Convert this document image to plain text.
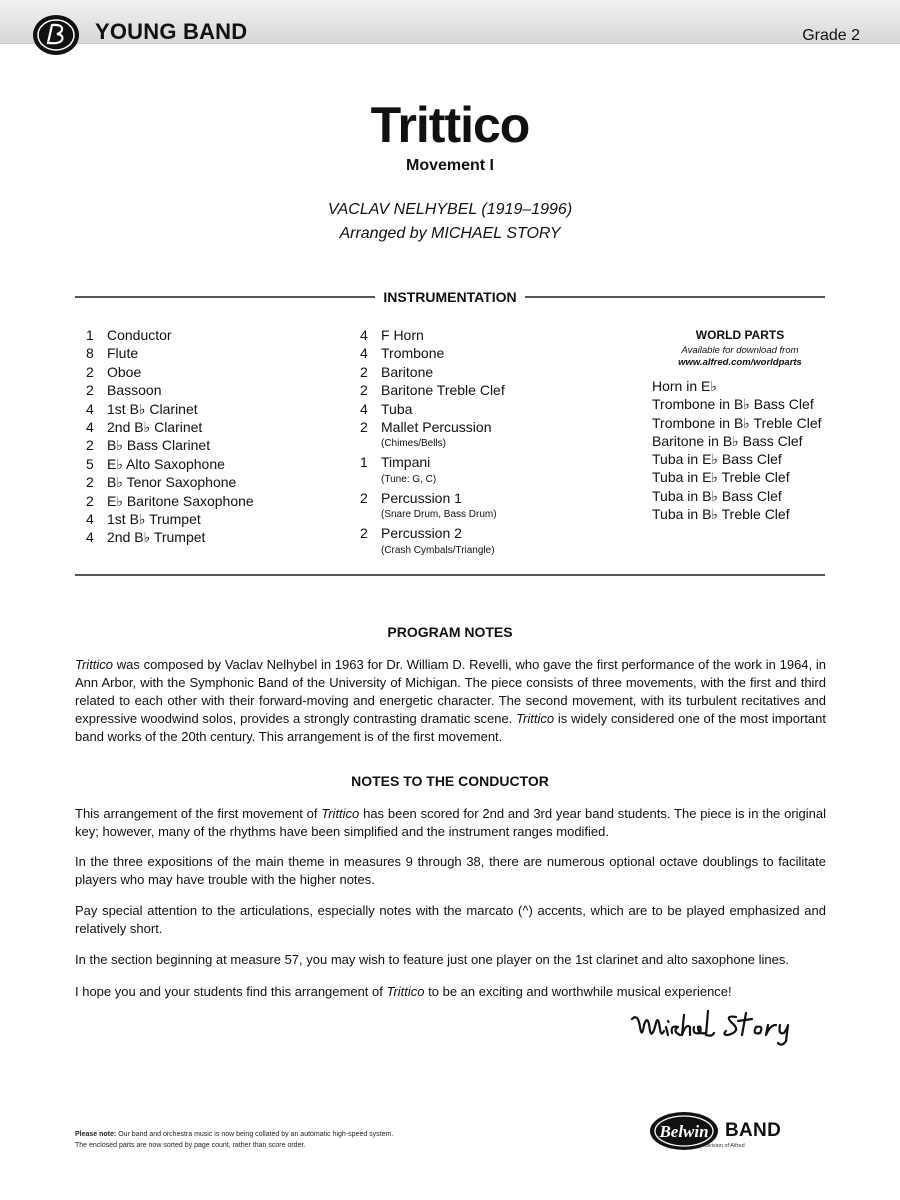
YOUNG BAND	Grade 2
Trittico
Movement I
VACLAV NELHYBEL (1919–1996)
Arranged by MICHAEL STORY
INSTRUMENTATION
1 Conductor
8 Flute
2 Oboe
2 Bassoon
4 1st B♭ Clarinet
4 2nd B♭ Clarinet
2 B♭ Bass Clarinet
5 E♭ Alto Saxophone
2 B♭ Tenor Saxophone
2 E♭ Baritone Saxophone
4 1st B♭ Trumpet
4 2nd B♭ Trumpet
4 F Horn
4 Trombone
2 Baritone
2 Baritone Treble Clef
4 Tuba
2 Mallet Percussion
(Chimes/Bells)
1 Timpani
(Tune: G, C)
2 Percussion 1
(Snare Drum, Bass Drum)
2 Percussion 2
(Crash Cymbals/Triangle)
WORLD PARTS
Available for download from
www.alfred.com/worldparts
Horn in E♭
Trombone in B♭ Bass Clef
Trombone in B♭ Treble Clef
Baritone in B♭ Bass Clef
Tuba in E♭ Bass Clef
Tuba in E♭ Treble Clef
Tuba in B♭ Bass Clef
Tuba in B♭ Treble Clef
PROGRAM NOTES
Trittico was composed by Vaclav Nelhybel in 1963 for Dr. William D. Revelli, who gave the first performance of the work in 1964, in Ann Arbor, with the Symphonic Band of the University of Michigan. The piece consists of three movements, with the first and third related to each other with their forward-moving and energetic character. The second movement, with its turbulent recitatives and expressive woodwind solos, provides a strongly contrasting dramatic scene. Trittico is widely considered one of the most important band works of the 20th century. This arrangement is of the first movement.
NOTES TO THE CONDUCTOR
This arrangement of the first movement of Trittico has been scored for 2nd and 3rd year band students. The piece is in the original key; however, many of the rhythms have been simplified and the instrument ranges modified.
In the three expositions of the main theme in measures 9 through 38, there are numerous optional octave doublings to facilitate players who may have trouble with the higher notes.
Pay special attention to the articulations, especially notes with the marcato (^) accents, which are to be played emphasized and relatively short.
In the section beginning at measure 57, you may wish to feature just one player on the 1st clarinet and alto saxophone lines.
I hope you and your students find this arrangement of Trittico to be an exciting and worthwhile musical experience!
Please note: Our band and orchestra music is now being collated by an automatic high-speed system.
The enclosed parts are now sorted by page count, rather than score order.
Belwin BAND
a division of Alfred
